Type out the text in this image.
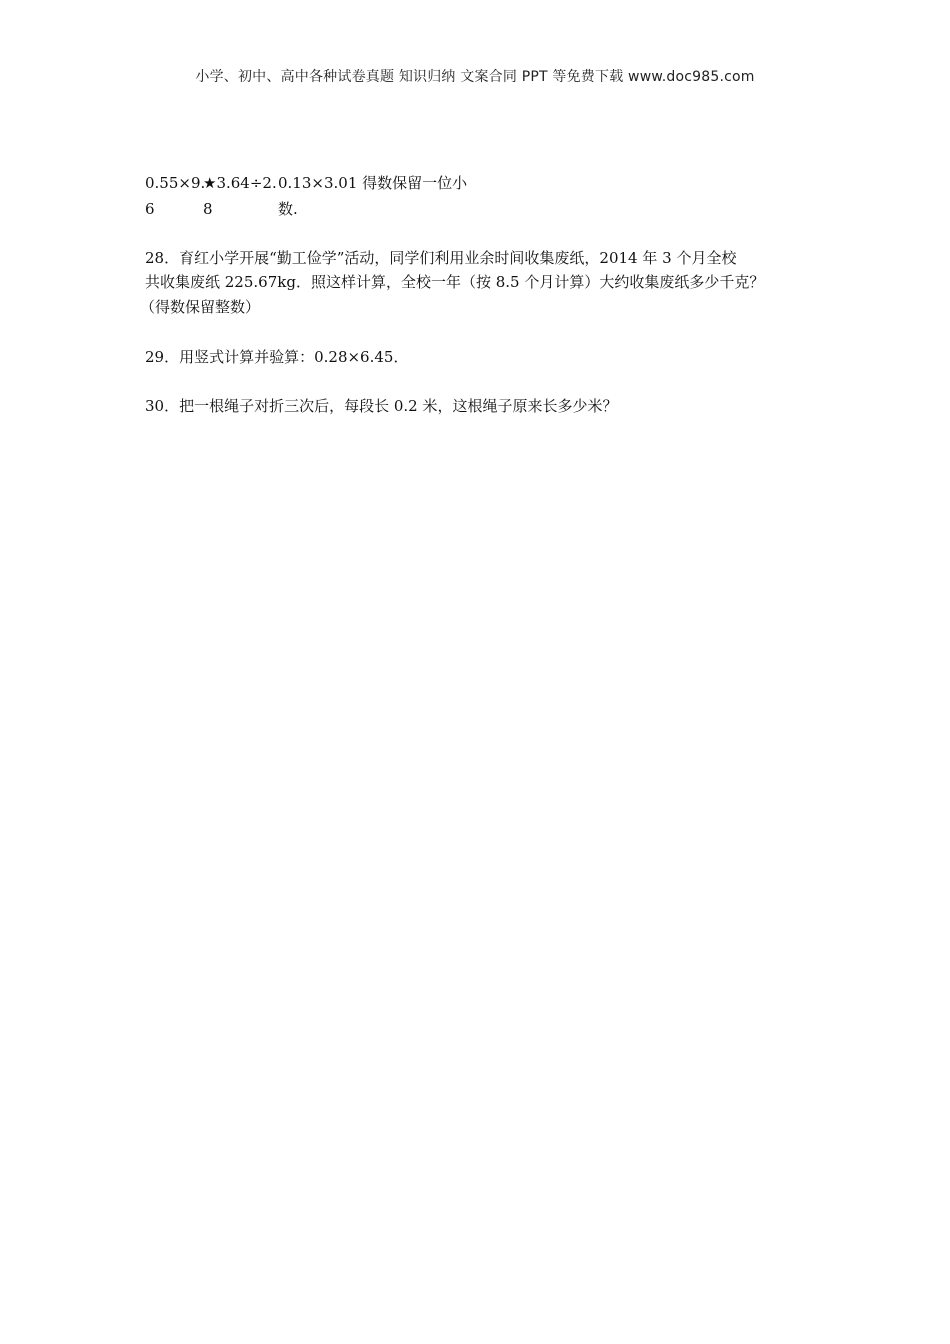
小学、初中、高中各种试卷真题 知识归纳 文案合同 PPT 等免费下载 www.doc985.com
0.55×9.
★3.64÷2. 0.13×3.01 得数保留一位小
6	8	数.
28．育红小学开展“勤工俭学”活动，同学们利用业余时间收集废纸，2014 年 3 个月全校
共收集废纸 225.67kg．照这样计算，全校一年（按 8.5 个月计算）大约收集废纸多少千克？
（得数保留整数）
29．用竖式计算并验算：0.28×6.45．
30．把一根绳子对折三次后，每段长 0.2 米，这根绳子原来长多少米？
